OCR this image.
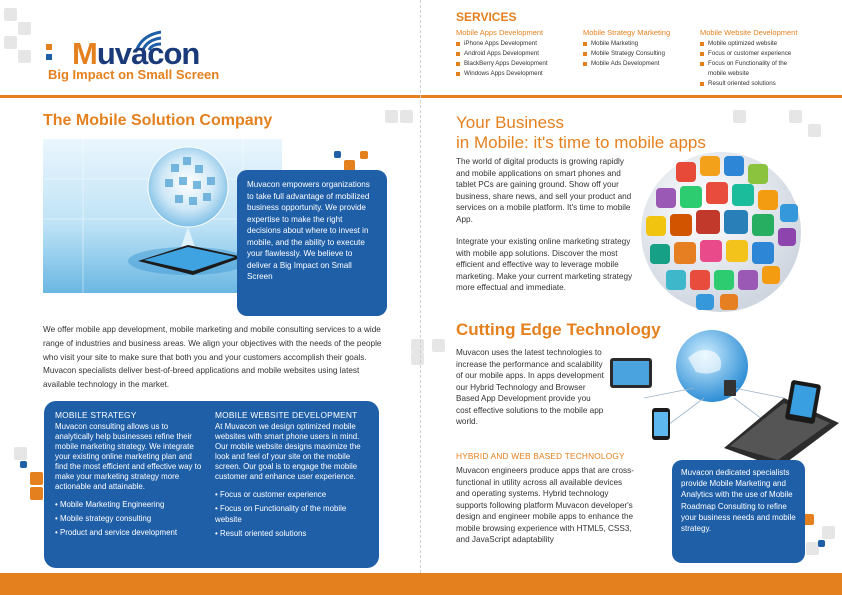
Muvacon
Big Impact on Small Screen
SERVICES
Mobile Apps Development
iPhone Apps Development
Android Apps Development
BlackBerry Apps Development
Windows Apps Development
Mobile Strategy Marketing
Mobile Marketing
Mobile Strategy Consulting
Mobile Ads Development
Mobile Website Development
Mobile optimized website
Focus or customer experience
Focus on Functionality of the mobile website
Result oriented solutions
The Mobile Solution Company
Muvacon empowers organizations to take full advantage of mobilized business opportunity. We provide expertise to make the right decisions about where to invest in mobile, and the ability to execute your flawlessly. We believe to deliver a Big Impact on Small Screen
We offer mobile app development, mobile marketing and mobile consulting services to a wide range of industries and business areas. We align your objectives with the needs of the people who visit your site to make sure that both you and your customers accomplish their goals. Muvacon specialists deliver best-of-breed applications and mobile websites using latest available technology in the market.
MOBILE STRATEGY

Muvacon consulting allows us to analytically help businesses refine their mobile marketing strategy. We integrate your existing online marketing plan and find the most efficient and effective way to make your marketing strategy more actionable and attainable.

• Mobile Marketing Engineering
• Mobile strategy consulting
• Product and service development
MOBILE WEBSITE DEVELOPMENT

At Muvacon we design optimized mobile websites with smart phone users in mind. Our mobile website designs maximize the look and feel of your site on the mobile screen. Our goal is to engage the mobile customer and enhance user experience.

• Focus or customer experience
• Focus on Functionality of the mobile website
• Result oriented solutions
Your Business
in Mobile: it's time to mobile apps
The world of digital products is growing rapidly and mobile applications on smart phones and tablet PCs are gaining ground. Show off your business, share news, and sell your product and services on a mobile platform. It's time to mobile App.
Integrate your existing online marketing strategy with mobile app solutions. Discover the most efficient and effective way to leverage mobile marketing. Make your current marketing strategy more effectual and immediate.
Cutting Edge Technology
Muvacon uses the latest technologies to increase the performance and scalability of our mobile apps. In apps development our Hybrid Technology and Browser Based App Development provide you cost effective solutions to the mobile app world.
HYBRID AND WEB BASED TECHNOLOGY
Muvacon engineers produce apps that are cross-functional in utility across all available devices and operating systems. Hybrid technology supports following platform Muvacon developer's design and engineer mobile apps to enhance the mobile browsing experience with HTML5, CSS3, and JavaScript adaptability
Muvacon dedicated specialists provide Mobile Marketing and Analytics with the use of Mobile Roadmap Consulting to refine your business needs and mobile strategy.
